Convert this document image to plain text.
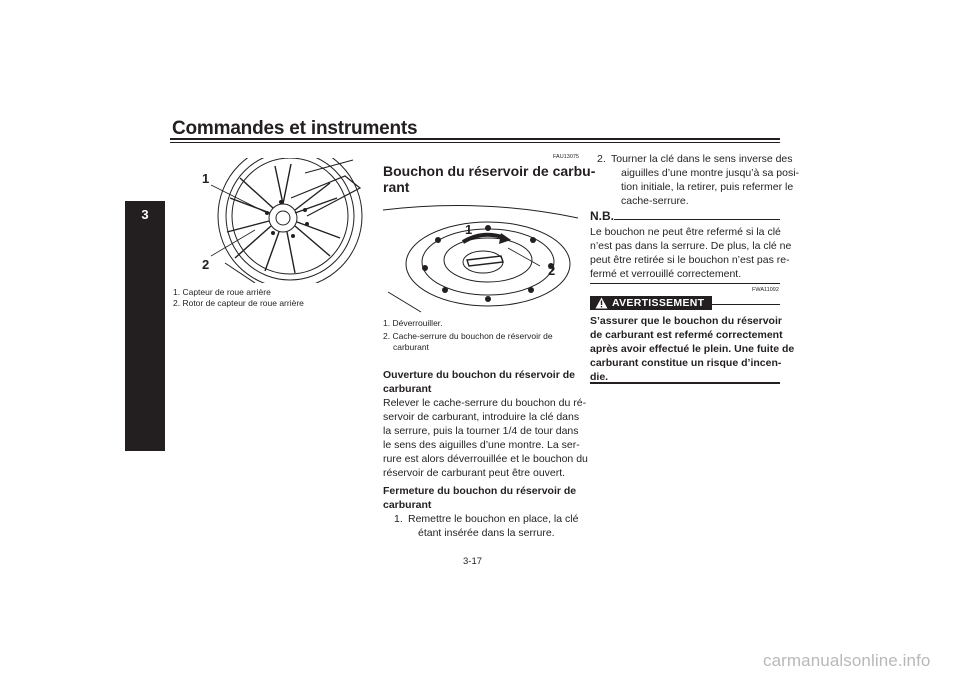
Commandes et instruments
3
1
2
1. Capteur de roue arrière
2. Rotor de capteur de roue arrière
FAU13075
Bouchon du réservoir de carbu-
rant
1
2
1. Déverrouiller.
2. Cache-serrure du bouchon de réservoir de
carburant
Ouverture du bouchon du réservoir de
carburant
Relever le cache-serrure du bouchon du ré-
servoir de carburant, introduire la clé dans
la serrure, puis la tourner 1/4 de tour dans
le sens des aiguilles d’une montre. La ser-
rure est alors déverrouillée et le bouchon du
réservoir de carburant peut être ouvert.
Fermeture du bouchon du réservoir de
carburant
1. Remettre le bouchon en place, la clé
étant insérée dans la serrure.
2. Tourner la clé dans le sens inverse des
aiguilles d’une montre jusqu’à sa posi-
tion initiale, la retirer, puis refermer le
cache-serrure.
N.B.
Le bouchon ne peut être refermé si la clé
n’est pas dans la serrure. De plus, la clé ne
peut être retirée si le bouchon n’est pas re-
fermé et verrouillé correctement.
FWA11092
AVERTISSEMENT
S’assurer que le bouchon du réservoir
de carburant est refermé correctement
après avoir effectué le plein. Une fuite de
carburant constitue un risque d’incen-
die.
3-17
carmanualsonline.info
